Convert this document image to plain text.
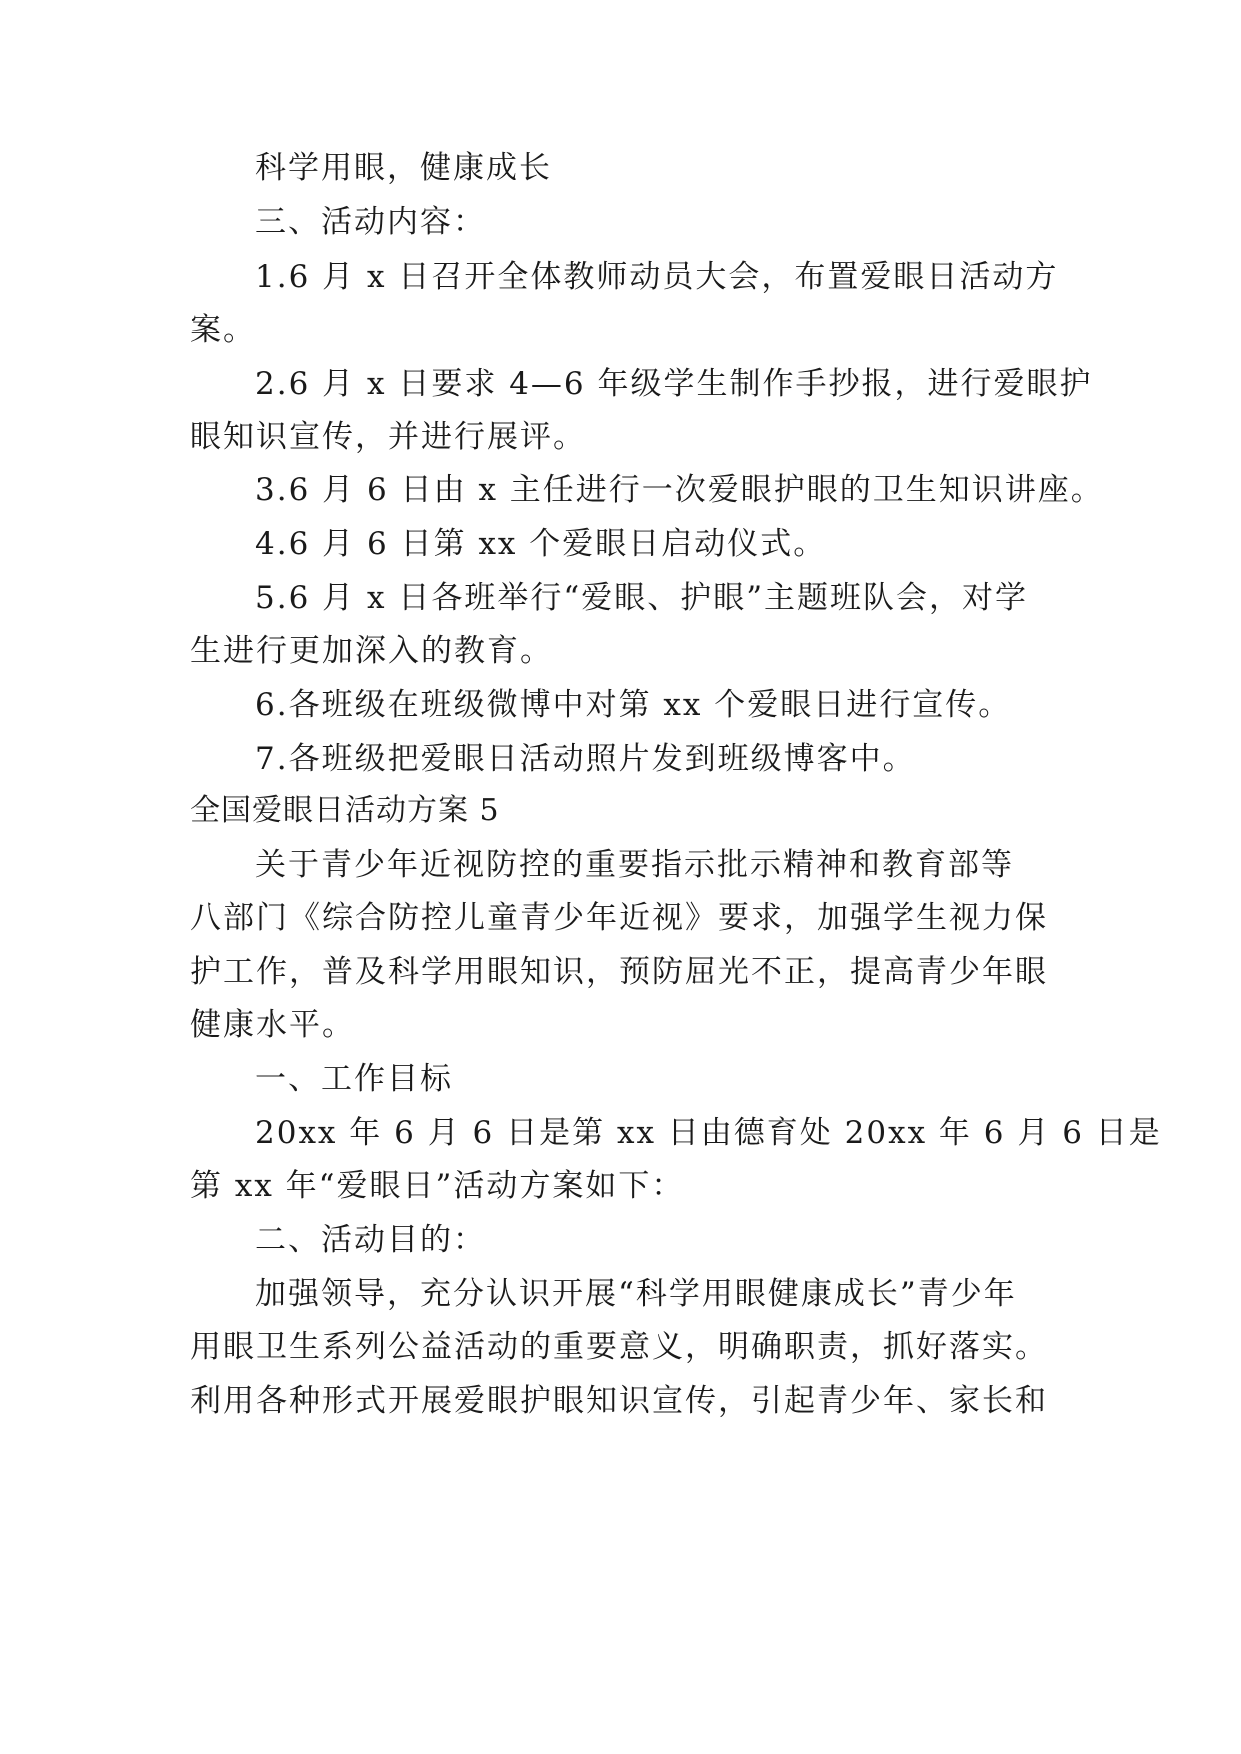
科学用眼，健康成长
三、活动内容：
1.6 月 x 日召开全体教师动员大会，布置爱眼日活动方
案。
2.6 月 x 日要求 4—6 年级学生制作手抄报，进行爱眼护
眼知识宣传，并进行展评。
3.6 月 6 日由 x 主任进行一次爱眼护眼的卫生知识讲座。
4.6 月 6 日第 xx 个爱眼日启动仪式。
5.6 月 x 日各班举行“爱眼、护眼”主题班队会，对学
生进行更加深入的教育。
6.各班级在班级微博中对第 xx 个爱眼日进行宣传。
7.各班级把爱眼日活动照片发到班级博客中。
全国爱眼日活动方案 5
关于青少年近视防控的重要指示批示精神和教育部等
八部门《综合防控儿童青少年近视》要求，加强学生视力保
护工作，普及科学用眼知识，预防屈光不正，提高青少年眼
健康水平。
一、工作目标
20xx 年 6 月 6 日是第 xx 日由德育处 20xx 年 6 月 6 日是
第 xx 年“爱眼日”活动方案如下：
二、活动目的：
加强领导，充分认识开展“科学用眼健康成长”青少年
用眼卫生系列公益活动的重要意义，明确职责，抓好落实。
利用各种形式开展爱眼护眼知识宣传，引起青少年、家长和
